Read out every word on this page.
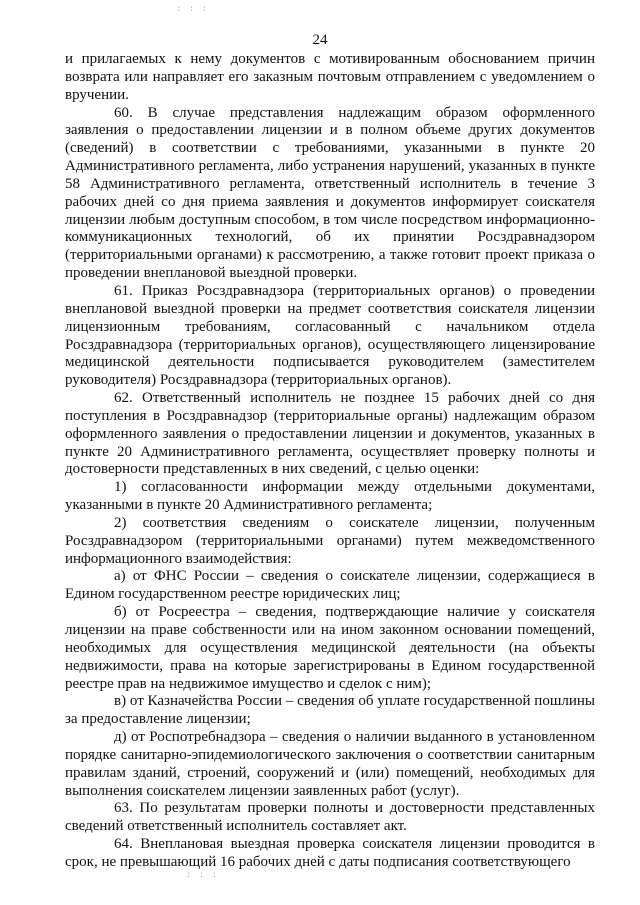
: : :
24

и прилагаемых к нему документов с мотивированным обоснованием причин возврата или направляет его заказным почтовым отправлением с уведомлением о вручении.

60. В случае представления надлежащим образом оформленного заявления о предоставлении лицензии и в полном объеме других документов (сведений) в соответствии с требованиями, указанными в пункте 20 Административного регламента, либо устранения нарушений, указанных в пункте 58 Административного регламента, ответственный исполнитель в течение 3 рабочих дней со дня приема заявления и документов информирует соискателя лицензии любым доступным способом, в том числе посредством информационно-коммуникационных технологий, об их принятии Росздравнадзором (территориальными органами) к рассмотрению, а также готовит проект приказа о проведении внеплановой выездной проверки.

61. Приказ Росздравнадзора (территориальных органов) о проведении внеплановой выездной проверки на предмет соответствия соискателя лицензии лицензионным требованиям, согласованный с начальником отдела Росздравнадзора (территориальных органов), осуществляющего лицензирование медицинской деятельности подписывается руководителем (заместителем руководителя) Росздравнадзора (территориальных органов).

62. Ответственный исполнитель не позднее 15 рабочих дней со дня поступления в Росздравнадзор (территориальные органы) надлежащим образом оформленного заявления о предоставлении лицензии и документов, указанных в пункте 20 Административного регламента, осуществляет проверку полноты и достоверности представленных в них сведений, с целью оценки:

1) согласованности информации между отдельными документами, указанными в пункте 20 Административного регламента;

2) соответствия сведениям о соискателе лицензии, полученным Росздравнадзором (территориальными органами) путем межведомственного информационного взаимодействия:

а) от ФНС России – сведения о соискателе лицензии, содержащиеся в Едином государственном реестре юридических лиц;

б) от Росреестра – сведения, подтверждающие наличие у соискателя лицензии на праве собственности или на ином законном основании помещений, необходимых для осуществления медицинской деятельности (на объекты недвижимости, права на которые зарегистрированы в Едином государственной реестре прав на недвижимое имущество и сделок с ним);

в) от Казначейства России – сведения об уплате государственной пошлины за предоставление лицензии;

д) от Роспотребнадзора – сведения о наличии выданного в установленном порядке санитарно-эпидемиологического заключения о соответствии санитарным правилам зданий, строений, сооружений и (или) помещений, необходимых для выполнения соискателем лицензии заявленных работ (услуг).

63. По результатам проверки полноты и достоверности представленных сведений ответственный исполнитель составляет акт.

64. Внеплановая выездная проверка соискателя лицензии проводится в срок, не превышающий 16 рабочих дней с даты подписания соответствующего

: : :
